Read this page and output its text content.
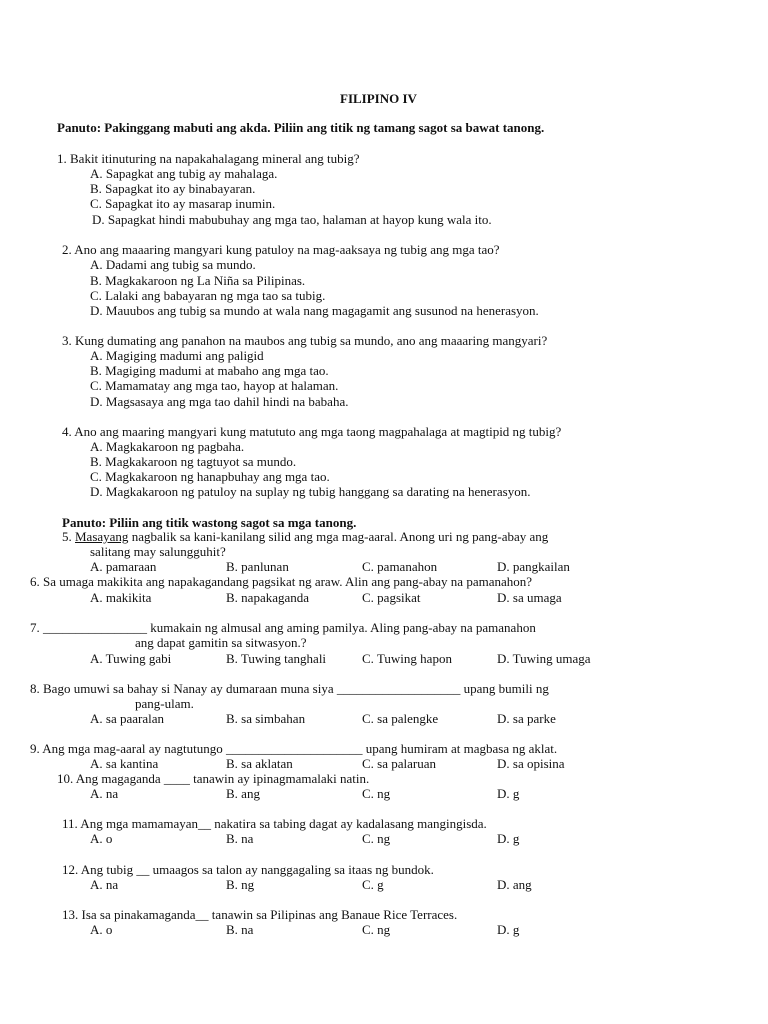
FILIPINO IV
Panuto: Pakinggang mabuti ang akda. Piliin ang titik ng tamang sagot sa bawat tanong.
1. Bakit itinuturing na napakahalagang mineral ang tubig?
A. Sapagkat ang tubig ay mahalaga.
B. Sapagkat ito ay binabayaran.
C. Sapagkat ito ay masarap inumin.
D. Sapagkat hindi mabubuhay ang mga tao, halaman at hayop kung wala ito.
2. Ano ang maaaring mangyari kung patuloy na mag-aaksaya ng tubig ang mga tao?
A. Dadami ang tubig sa mundo.
B. Magkakaroon ng La Niña sa Pilipinas.
C. Lalaki ang babayaran ng mga tao sa tubig.
D. Mauubos ang tubig sa mundo at wala nang magagamit ang susunod na henerasyon.
3. Kung dumating ang panahon na maubos ang tubig sa mundo, ano ang maaaring mangyari?
A. Magiging madumi ang paligid
B. Magiging madumi at mabaho ang mga tao.
C. Mamamatay ang mga tao, hayop at halaman.
D. Magsasaya ang mga tao dahil hindi na babaha.
4. Ano ang maaring mangyari kung matututo ang mga taong magpahalaga at magtipid ng tubig?
A. Magkakaroon ng pagbaha.
B. Magkakaroon ng tagtuyot sa mundo.
C. Magkakaroon ng hanapbuhay ang mga tao.
D. Magkakaroon ng patuloy na suplay ng tubig hanggang sa darating na henerasyon.
Panuto: Piliin ang titik wastong sagot sa mga tanong.
5. Masayang nagbalik sa kani-kanilang silid ang mga mag-aaral. Anong uri ng pang-abay ang
salitang may salungguhit?
A. pamaraan	B. panlunan	C. pamanahon	D. pangkailan
6. Sa umaga makikita ang napakagandang pagsikat ng araw. Alin ang pang-abay na pamanahon?
A. makikita	B. napakaganda	C. pagsikat	D. sa umaga
7. ________________ kumakain ng almusal ang aming pamilya. Aling pang-abay na pamanahon
ang dapat gamitin sa sitwasyon.?
A. Tuwing gabi	B. Tuwing tanghali	C. Tuwing hapon	D. Tuwing umaga
8. Bago umuwi sa bahay si Nanay ay dumaraan muna siya ___________________ upang bumili ng
pang-ulam.
A. sa paaralan	B. sa simbahan	C. sa palengke	D. sa parke
9. Ang mga mag-aaral ay nagtutungo _____________________ upang humiram at magbasa ng aklat.
A. sa kantina	B. sa aklatan	C. sa palaruan	D. sa opisina
10. Ang magaganda ____ tanawin ay ipinagmamalaki natin.
A. na	B. ang	C. ng	D. g
11. Ang mga mamamayan__ nakatira sa tabing dagat ay kadalasang mangingisda.
A. o	B. na	C. ng	D. g
12. Ang tubig __ umaagos sa talon ay nanggagaling sa itaas ng bundok.
A. na	B. ng	C. g	D. ang
13. Isa sa pinakamaganda__ tanawin sa Pilipinas ang Banaue Rice Terraces.
A. o	B. na	C. ng	D. g
